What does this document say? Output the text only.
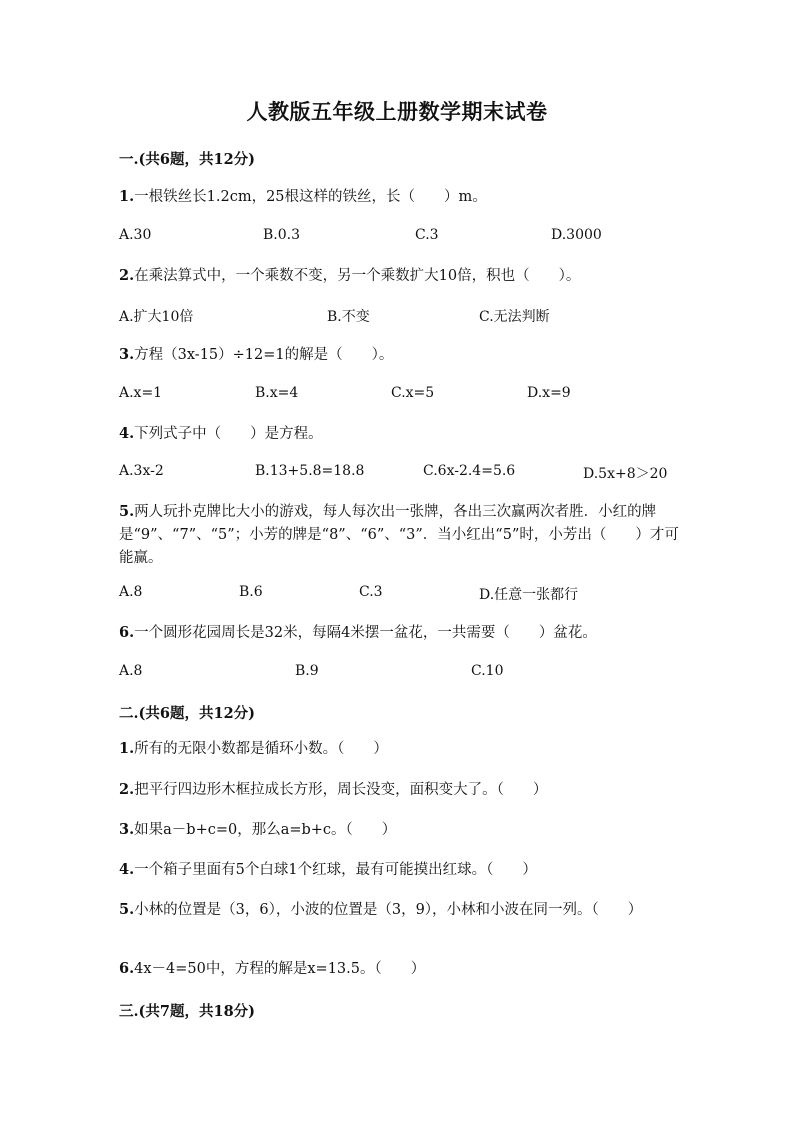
人教版五年级上册数学期末试卷
一.(共6题，共12分)
1.一根铁丝长1.2cm，25根这样的铁丝，长（　　）m。
A.30	B.0.3	C.3	D.3000
2.在乘法算式中，一个乘数不变，另一个乘数扩大10倍，积也（　　）。
A.扩大10倍	B.不变	C.无法判断
3.方程（3x-15）÷12=1的解是（　　）。
A.x=1	B.x=4	C.x=5	D.x=9
4.下列式子中（　　）是方程。
A.3x-2	B.13+5.8=18.8	C.6x-2.4=5.6	D.5x+8＞20
5.两人玩扑克牌比大小的游戏，每人每次出一张牌，各出三次赢两次者胜．小红的牌是“9”、“7”、“5”；小芳的牌是“8”、“6”、“3”．当小红出“5”时，小芳出（　　）才可能赢。
A.8	B.6	C.3	D.任意一张都行
6.一个圆形花园周长是32米，每隔4米摆一盆花，一共需要（　　）盆花。
A.8	B.9	C.10
二.(共6题，共12分)
1.所有的无限小数都是循环小数。（　　）
2.把平行四边形木框拉成长方形，周长没变，面积变大了。（　　）
3.如果a－b+c=0，那么a=b+c。（　　）
4.一个箱子里面有5个白球1个红球，最有可能摸出红球。（　　）
5.小林的位置是（3，6），小波的位置是（3，9），小林和小波在同一列。（　　）
6.4x－4=50中，方程的解是x=13.5。（　　）
三.(共7题，共18分)
